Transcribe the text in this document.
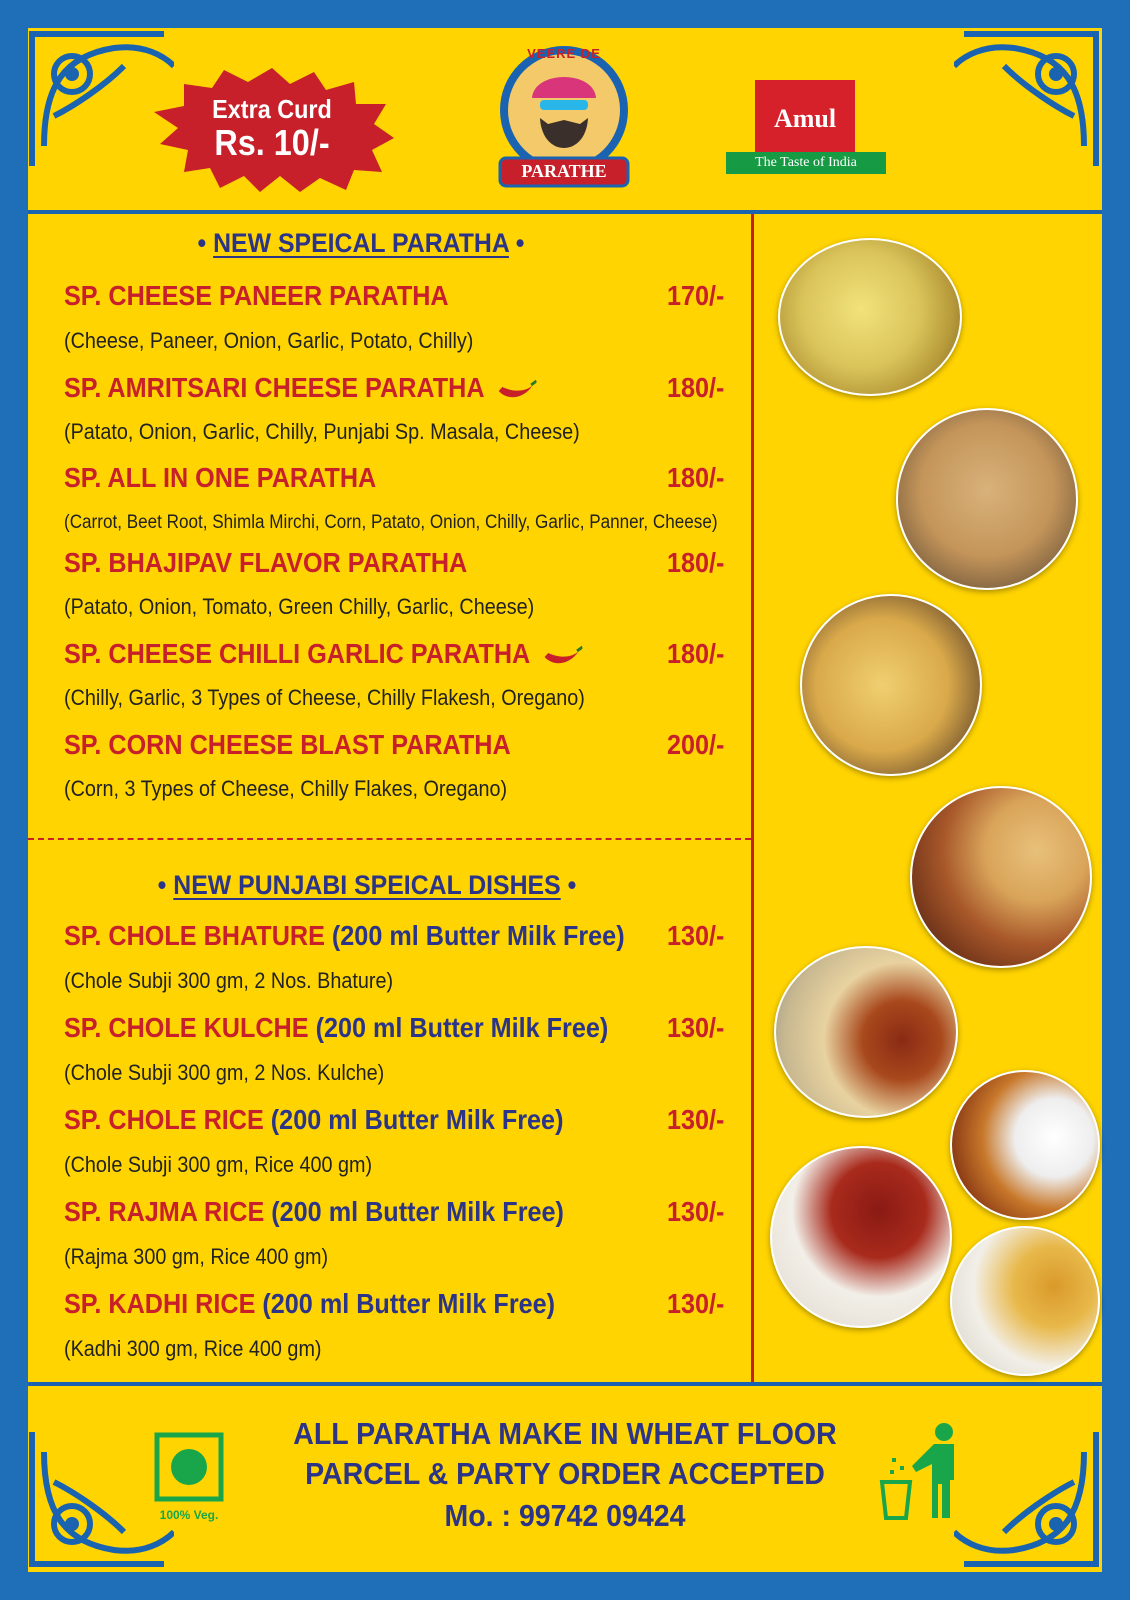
Extra Curd
Rs. 10/-
VEERE DE
PARATHE
Amul
The Taste of India
• NEW SPEICAL PARATHA •
SP. CHEESE PANEER PARATHA	170/-
(Cheese, Paneer, Onion, Garlic, Potato, Chilly)
SP. AMRITSARI CHEESE PARATHA	180/-
(Patato, Onion, Garlic, Chilly, Punjabi Sp. Masala, Cheese)
SP. ALL IN ONE PARATHA	180/-
(Carrot, Beet Root, Shimla Mirchi, Corn, Patato, Onion, Chilly, Garlic, Panner, Cheese)
SP. BHAJIPAV FLAVOR PARATHA	180/-
(Patato, Onion, Tomato, Green Chilly, Garlic, Cheese)
SP. CHEESE CHILLI GARLIC PARATHA	180/-
(Chilly, Garlic, 3 Types of Cheese, Chilly Flakesh, Oregano)
SP. CORN CHEESE BLAST PARATHA	200/-
(Corn, 3 Types of Cheese, Chilly Flakes, Oregano)
• NEW PUNJABI SPEICAL DISHES •
SP. CHOLE BHATURE (200 ml Butter Milk Free) 130/-
(Chole Subji 300 gm, 2 Nos. Bhature)
SP. CHOLE KULCHE (200 ml Butter Milk Free) 130/-
(Chole Subji 300 gm, 2 Nos. Kulche)
SP. CHOLE RICE (200 ml Butter Milk Free)	130/-
(Chole Subji 300 gm, Rice 400 gm)
SP. RAJMA RICE (200 ml Butter Milk Free)	130/-
(Rajma 300 gm, Rice 400 gm)
SP. KADHI RICE (200 ml Butter Milk Free)	130/-
(Kadhi 300 gm, Rice 400 gm)
100% Veg.
ALL PARATHA MAKE IN WHEAT FLOOR
PARCEL & PARTY ORDER ACCEPTED
Mo. : 99742 09424
